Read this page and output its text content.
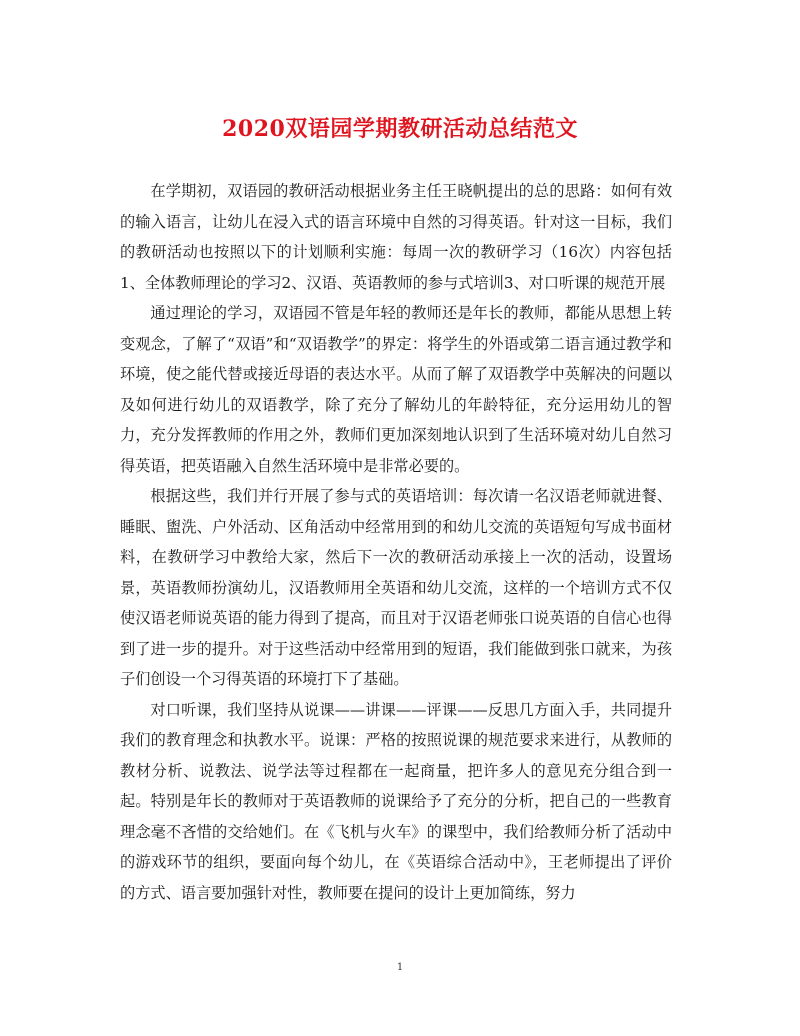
2020双语园学期教研活动总结范文

在学期初，双语园的教研活动根据业务主任王晓帆提出的总的思路：如何有效的输入语言，让幼儿在浸入式的语言环境中自然的习得英语。针对这一目标，我们的教研活动也按照以下的计划顺利实施：每周一次的教研学习（16次）内容包括1、全体教师理论的学习2、汉语、英语教师的参与式培训3、对口听课的规范开展

通过理论的学习，双语园不管是年轻的教师还是年长的教师，都能从思想上转变观念，了解了“双语”和“双语教学”的界定：将学生的外语或第二语言通过教学和环境，使之能代替或接近母语的表达水平。从而了解了双语教学中英解决的问题以及如何进行幼儿的双语教学，除了充分了解幼儿的年龄特征，充分运用幼儿的智力，充分发挥教师的作用之外，教师们更加深刻地认识到了生活环境对幼儿自然习得英语，把英语融入自然生活环境中是非常必要的。

根据这些，我们并行开展了参与式的英语培训：每次请一名汉语老师就进餐、睡眠、盥洗、户外活动、区角活动中经常用到的和幼儿交流的英语短句写成书面材料，在教研学习中教给大家，然后下一次的教研活动承接上一次的活动，设置场景，英语教师扮演幼儿，汉语教师用全英语和幼儿交流，这样的一个培训方式不仅使汉语老师说英语的能力得到了提高，而且对于汉语老师张口说英语的自信心也得到了进一步的提升。对于这些活动中经常用到的短语，我们能做到张口就来，为孩子们创设一个习得英语的环境打下了基础。

对口听课，我们坚持从说课——讲课——评课——反思几方面入手，共同提升我们的教育理念和执教水平。说课：严格的按照说课的规范要求来进行，从教师的教材分析、说教法、说学法等过程都在一起商量，把许多人的意见充分组合到一起。特别是年长的教师对于英语教师的说课给予了充分的分析，把自己的一些教育理念毫不吝惜的交给她们。在《飞机与火车》的课型中，我们给教师分析了活动中的游戏环节的组织，要面向每个幼儿，在《英语综合活动中》，王老师提出了评价的方式、语言要加强针对性，教师要在提问的设计上更加简练，努力

1
